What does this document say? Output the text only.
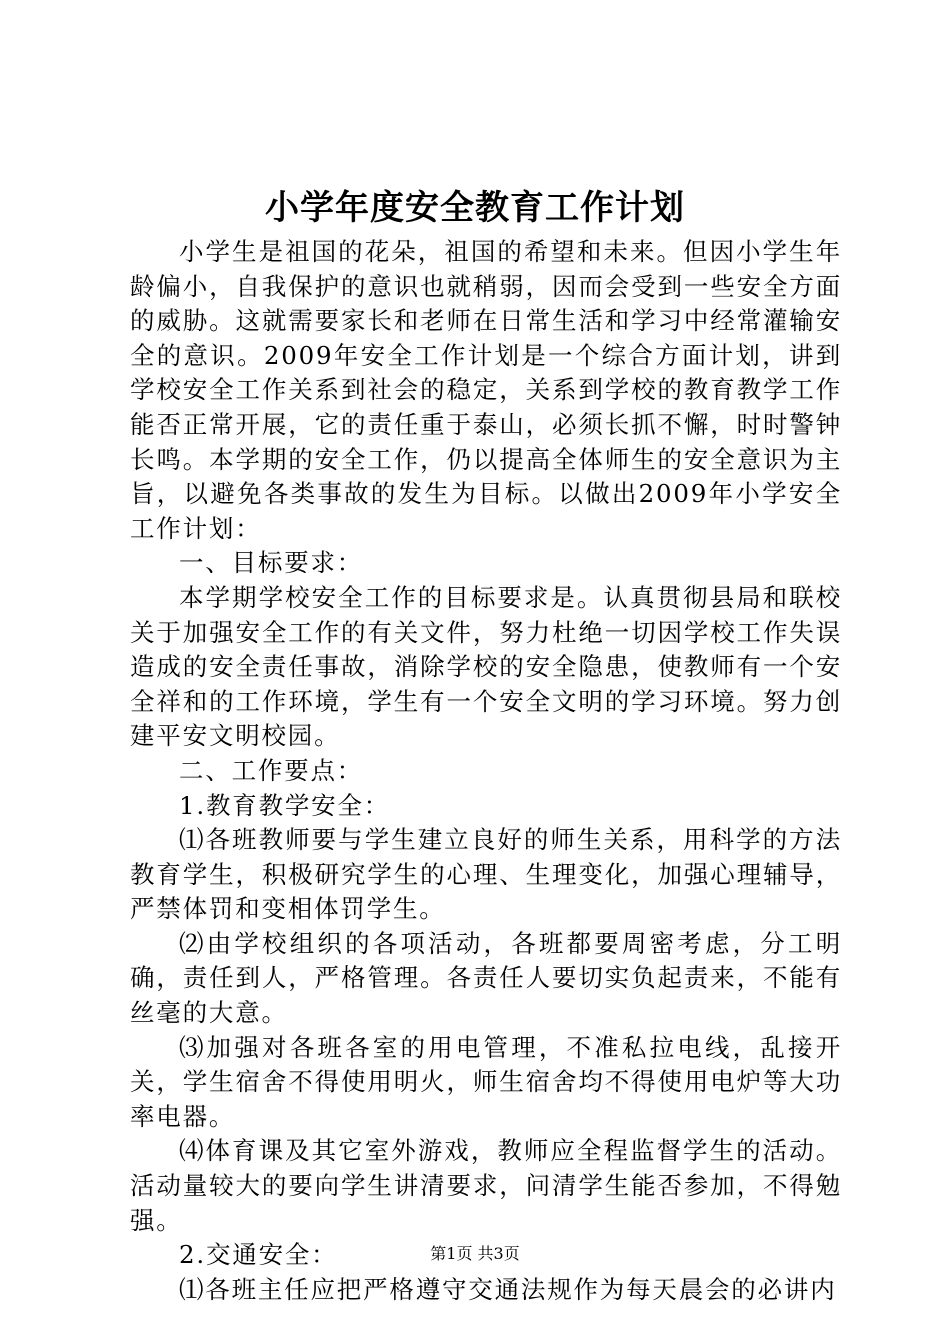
小学年度安全教育工作计划

小学生是祖国的花朵，祖国的希望和未来。但因小学生年龄偏小，自我保护的意识也就稍弱，因而会受到一些安全方面的威胁。这就需要家长和老师在日常生活和学习中经常灌输安全的意识。2009年安全工作计划是一个综合方面计划，讲到学校安全工作关系到社会的稳定，关系到学校的教育教学工作能否正常开展，它的责任重于泰山，必须长抓不懈，时时警钟长鸣。本学期的安全工作，仍以提高全体师生的安全意识为主旨，以避免各类事故的发生为目标。以做出2009年小学安全工作计划：

一、目标要求：

本学期学校安全工作的目标要求是。认真贯彻县局和联校关于加强安全工作的有关文件，努力杜绝一切因学校工作失误造成的安全责任事故，消除学校的安全隐患，使教师有一个安全祥和的工作环境，学生有一个安全文明的学习环境。努力创建平安文明校园。

二、工作要点：

1.教育教学安全：

⑴各班教师要与学生建立良好的师生关系，用科学的方法教育学生，积极研究学生的心理、生理变化，加强心理辅导，严禁体罚和变相体罚学生。

⑵由学校组织的各项活动，各班都要周密考虑，分工明确，责任到人，严格管理。各责任人要切实负起责来，不能有丝毫的大意。

⑶加强对各班各室的用电管理，不准私拉电线，乱接开关，学生宿舍不得使用明火，师生宿舍均不得使用电炉等大功率电器。

⑷体育课及其它室外游戏，教师应全程监督学生的活动。活动量较大的要向学生讲清要求，问清学生能否参加，不得勉强。

2.交通安全：

⑴各班主任应把严格遵守交通法规作为每天晨会的必讲内

第1页 共3页
